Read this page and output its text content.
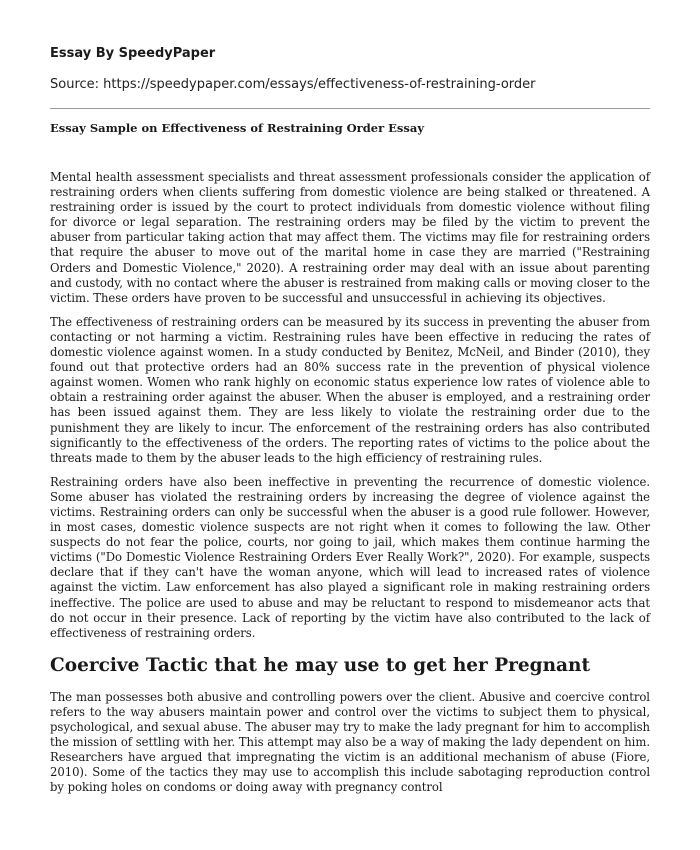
Essay By SpeedyPaper
Source: https://speedypaper.com/essays/effectiveness-of-restraining-order
Essay Sample on Effectiveness of Restraining Order Essay

Mental health assessment specialists and threat assessment professionals consider the application of restraining orders when clients suffering from domestic violence are being stalked or threatened. A restraining order is issued by the court to protect individuals from domestic violence without filing for divorce or legal separation. The restraining orders may be filed by the victim to prevent the abuser from particular taking action that may affect them. The victims may file for restraining orders that require the abuser to move out of the marital home in case they are married ("Restraining Orders and Domestic Violence," 2020). A restraining order may deal with an issue about parenting and custody, with no contact where the abuser is restrained from making calls or moving closer to the victim. These orders have proven to be successful and unsuccessful in achieving its objectives.

The effectiveness of restraining orders can be measured by its success in preventing the abuser from contacting or not harming a victim. Restraining rules have been effective in reducing the rates of domestic violence against women. In a study conducted by Benitez, McNeil, and Binder (2010), they found out that protective orders had an 80% success rate in the prevention of physical violence against women. Women who rank highly on economic status experience low rates of violence able to obtain a restraining order against the abuser. When the abuser is employed, and a restraining order has been issued against them. They are less likely to violate the restraining order due to the punishment they are likely to incur. The enforcement of the restraining orders has also contributed significantly to the effectiveness of the orders. The reporting rates of victims to the police about the threats made to them by the abuser leads to the high efficiency of restraining rules.

Restraining orders have also been ineffective in preventing the recurrence of domestic violence. Some abuser has violated the restraining orders by increasing the degree of violence against the victims. Restraining orders can only be successful when the abuser is a good rule follower. However, in most cases, domestic violence suspects are not right when it comes to following the law. Other suspects do not fear the police, courts, nor going to jail, which makes them continue harming the victims ("Do Domestic Violence Restraining Orders Ever Really Work?", 2020). For example, suspects declare that if they can't have the woman anyone, which will lead to increased rates of violence against the victim. Law enforcement has also played a significant role in making restraining orders ineffective. The police are used to abuse and may be reluctant to respond to misdemeanor acts that do not occur in their presence. Lack of reporting by the victim have also contributed to the lack of effectiveness of restraining orders.

Coercive Tactic that he may use to get her Pregnant

The man possesses both abusive and controlling powers over the client. Abusive and coercive control refers to the way abusers maintain power and control over the victims to subject them to physical, psychological, and sexual abuse. The abuser may try to make the lady pregnant for him to accomplish the mission of settling with her. This attempt may also be a way of making the lady dependent on him. Researchers have argued that impregnating the victim is an additional mechanism of abuse (Fiore, 2010). Some of the tactics they may use to accomplish this include sabotaging reproduction control by poking holes on condoms or doing away with pregnancy control
